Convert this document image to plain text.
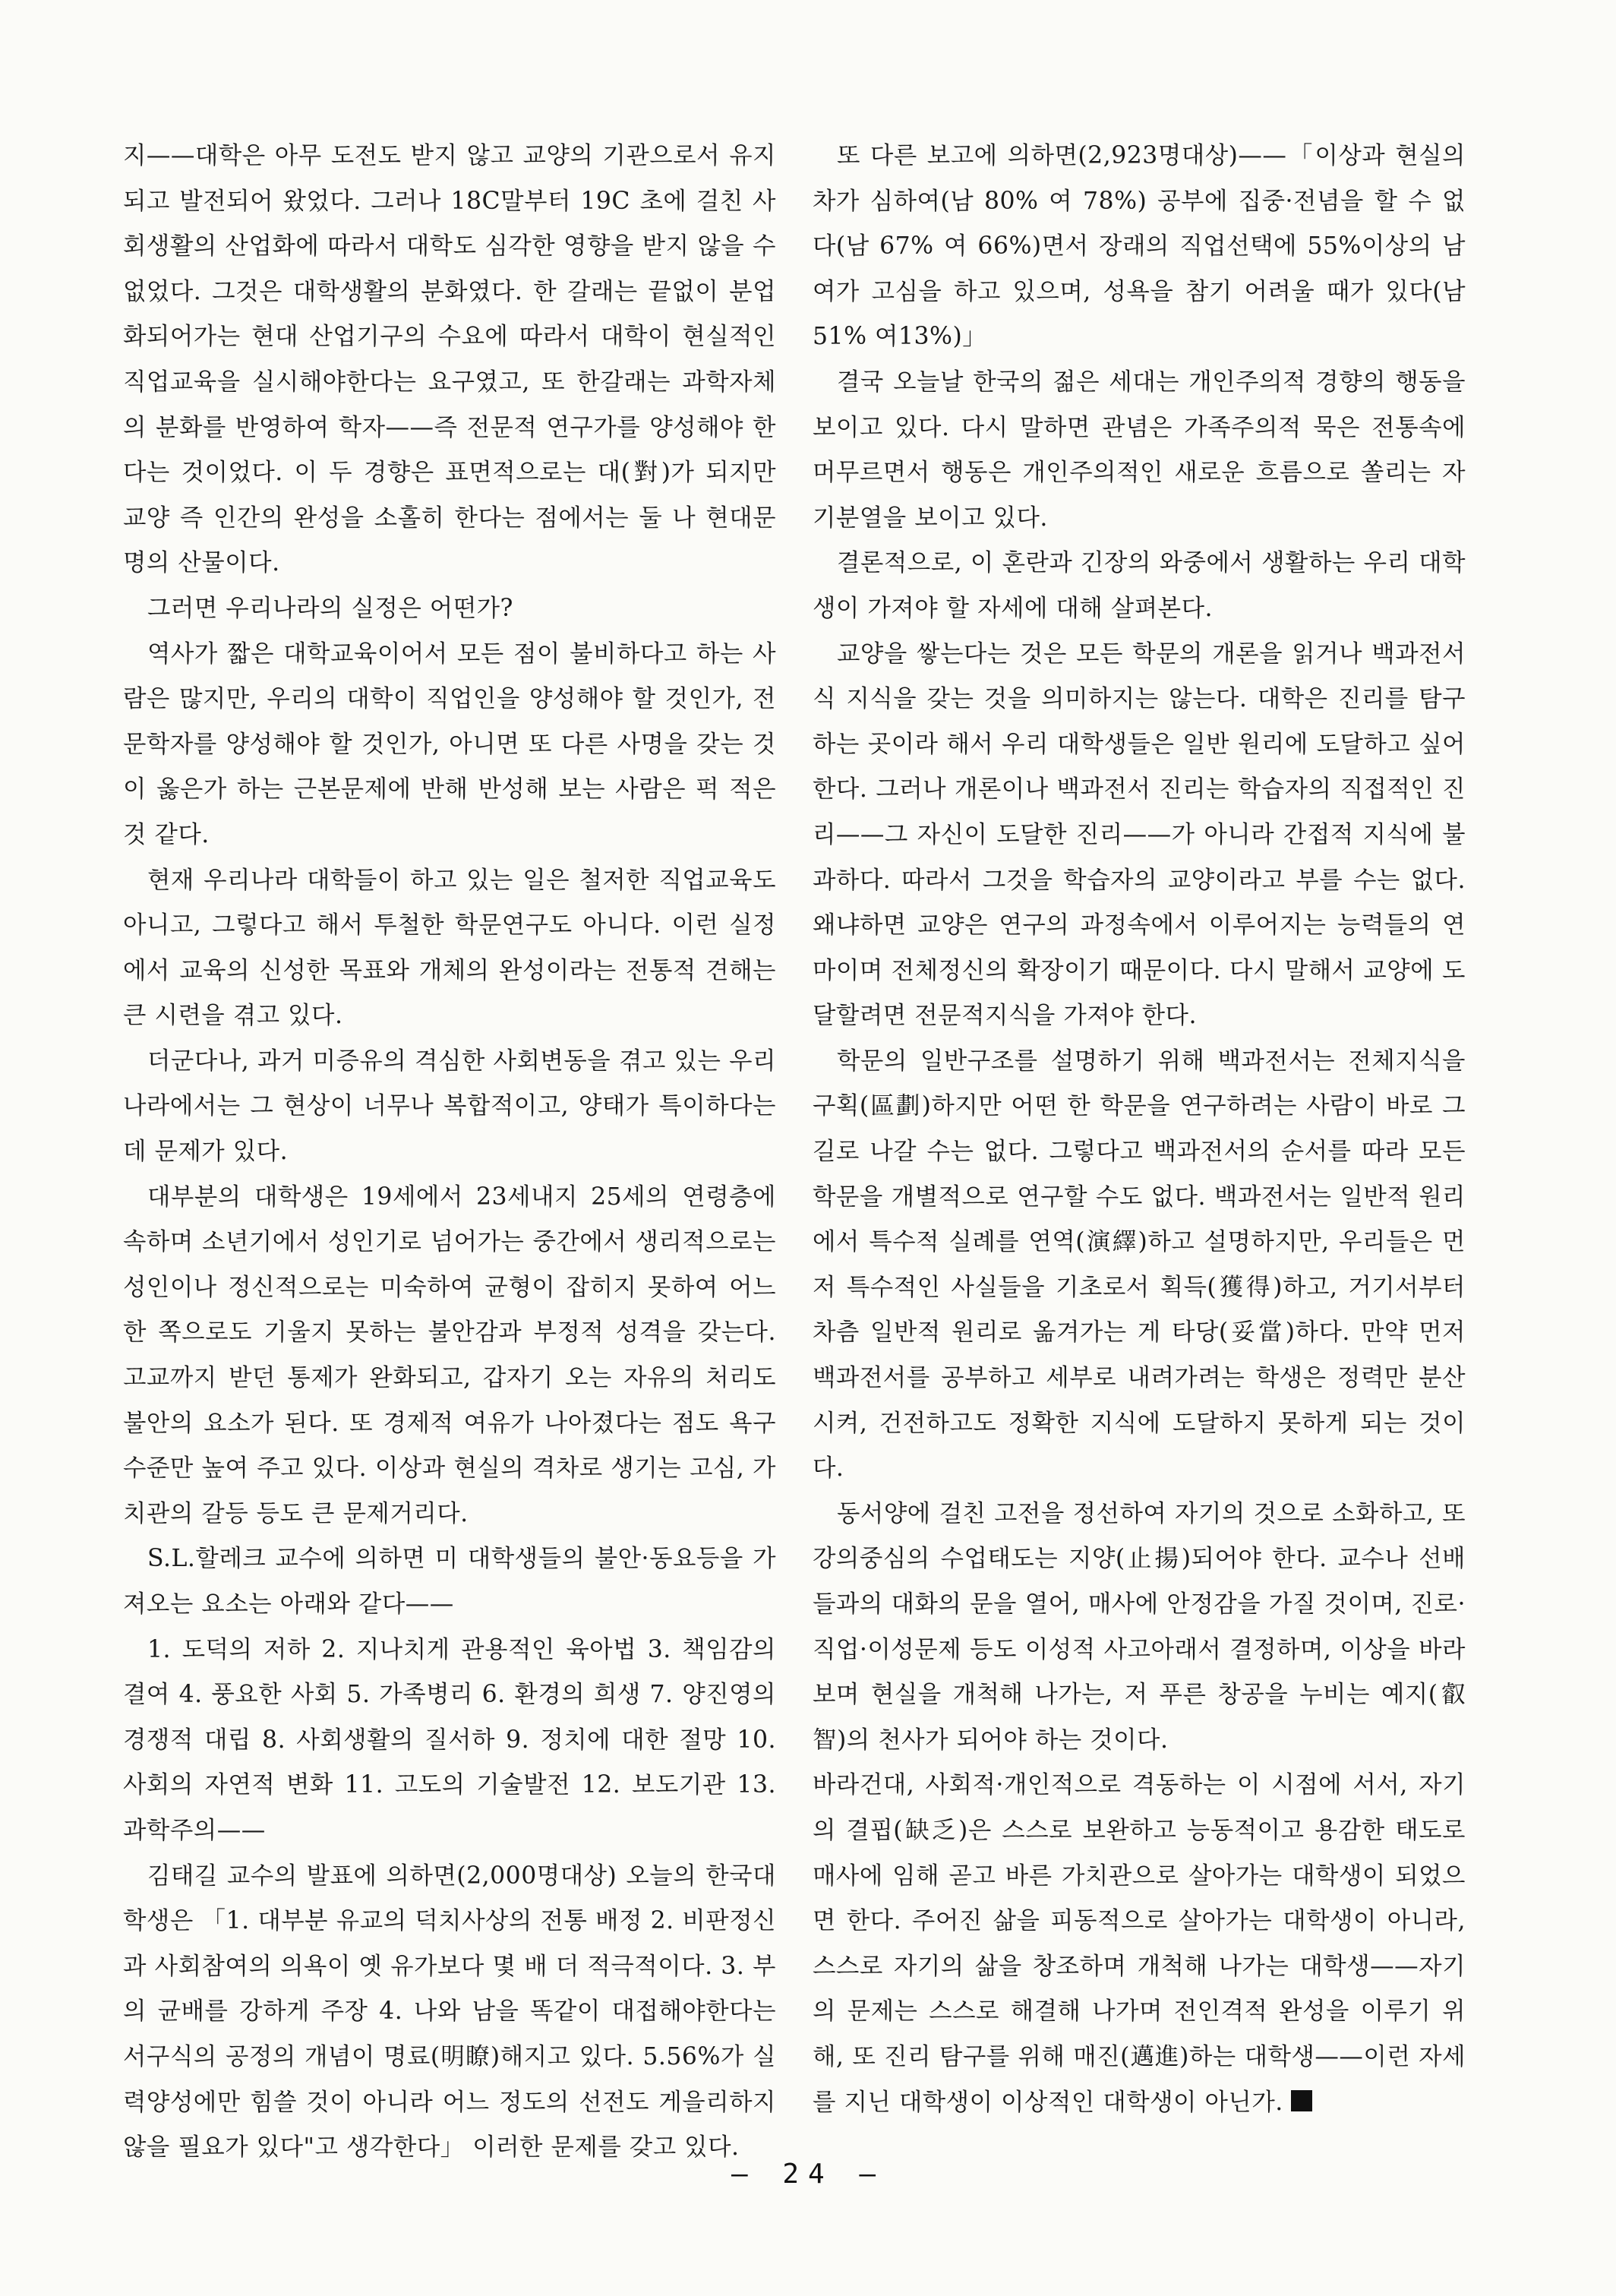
지——대학은 아무 도전도 받지 않고 교양의 기관으로서 유지되고 발전되어 왔었다. 그러나 18C말부터 19C 초에 걸친 사회생활의 산업화에 따라서 대학도 심각한 영향을 받지 않을 수 없었다. 그것은 대학생활의 분화였다. 한 갈래는 끝없이 분업화되어가는 현대 산업기구의 수요에 따라서 대학이 현실적인 직업교육을 실시해야한다는 요구였고, 또 한갈래는 과학자체의 분화를 반영하여 학자——즉 전문적 연구가를 양성해야 한다는 것이었다. 이 두 경향은 표면적으로는 대(對)가 되지만 교양 즉 인간의 완성을 소홀히 한다는 점에서는 둘 나 현대문명의 산물이다.

그러면 우리나라의 실정은 어떤가?

역사가 짧은 대학교육이어서 모든 점이 불비하다고 하는 사람은 많지만, 우리의 대학이 직업인을 양성해야 할 것인가, 전문학자를 양성해야 할 것인가, 아니면 또 다른 사명을 갖는 것이 옳은가 하는 근본문제에 반해 반성해 보는 사람은 퍽 적은 것 같다.

현재 우리나라 대학들이 하고 있는 일은 철저한 직업교육도 아니고, 그렇다고 해서 투철한 학문연구도 아니다. 이런 실정에서 교육의 신성한 목표와 개체의 완성이라는 전통적 견해는 큰 시련을 겪고 있다.

더군다나, 과거 미증유의 격심한 사회변동을 겪고 있는 우리나라에서는 그 현상이 너무나 복합적이고, 양태가 특이하다는 데 문제가 있다.

대부분의 대학생은 19세에서 23세내지 25세의 연령층에 속하며 소년기에서 성인기로 넘어가는 중간에서 생리적으로는 성인이나 정신적으로는 미숙하여 균형이 잡히지 못하여 어느 한 쪽으로도 기울지 못하는 불안감과 부정적 성격을 갖는다. 고교까지 받던 통제가 완화되고, 갑자기 오는 자유의 처리도 불안의 요소가 된다. 또 경제적 여유가 나아졌다는 점도 욕구수준만 높여 주고 있다. 이상과 현실의 격차로 생기는 고심, 가치관의 갈등 등도 큰 문제거리다.

S.L.할레크 교수에 의하면 미 대학생들의 불안·동요등을 가져오는 요소는 아래와 같다——

1. 도덕의 저하 2. 지나치게 관용적인 육아법 3. 책임감의 결여 4. 풍요한 사회 5. 가족병리 6. 환경의 희생 7. 양진영의 경쟁적 대립 8. 사회생활의 질서하 9. 정치에 대한 절망 10. 사회의 자연적 변화 11. 고도의 기술발전 12. 보도기관 13. 과학주의——

김태길 교수의 발표에 의하면(2,000명대상) 오늘의 한국대학생은 「1. 대부분 유교의 덕치사상의 전통 배정 2. 비판정신과 사회참여의 의욕이 옛 유가보다 몇 배 더 적극적이다. 3. 부의 균배를 강하게 주장 4. 나와 남을 똑같이 대접해야한다는 서구식의 공정의 개념이 명료(明瞭)해지고 있다. 5.56%가 실력양성에만 힘쓸 것이 아니라 어느 정도의 선전도 게을리하지 않을 필요가 있다"고 생각한다」 이러한 문제를 갖고 있다.

또 다른 보고에 의하면(2,923명대상)——「이상과 현실의 차가 심하여(남 80% 여 78%) 공부에 집중·전념을 할 수 없다(남 67% 여 66%)면서 장래의 직업선택에 55%이상의 남여가 고심을 하고 있으며, 성욕을 참기 어려울 때가 있다(남 51% 여13%)」

결국 오늘날 한국의 젊은 세대는 개인주의적 경향의 행동을 보이고 있다. 다시 말하면 관념은 가족주의적 묵은 전통속에 머무르면서 행동은 개인주의적인 새로운 흐름으로 쏠리는 자기분열을 보이고 있다.

결론적으로, 이 혼란과 긴장의 와중에서 생활하는 우리 대학생이 가져야 할 자세에 대해 살펴본다.

교양을 쌓는다는 것은 모든 학문의 개론을 읽거나 백과전서식 지식을 갖는 것을 의미하지는 않는다. 대학은 진리를 탐구하는 곳이라 해서 우리 대학생들은 일반 원리에 도달하고 싶어한다. 그러나 개론이나 백과전서 진리는 학습자의 직접적인 진리——그 자신이 도달한 진리——가 아니라 간접적 지식에 불과하다. 따라서 그것을 학습자의 교양이라고 부를 수는 없다. 왜냐하면 교양은 연구의 과정속에서 이루어지는 능력들의 연마이며 전체정신의 확장이기 때문이다. 다시 말해서 교양에 도달할려면 전문적지식을 가져야 한다.

학문의 일반구조를 설명하기 위해 백과전서는 전체지식을 구획(區劃)하지만 어떤 한 학문을 연구하려는 사람이 바로 그 길로 나갈 수는 없다. 그렇다고 백과전서의 순서를 따라 모든 학문을 개별적으로 연구할 수도 없다. 백과전서는 일반적 원리에서 특수적 실례를 연역(演繹)하고 설명하지만, 우리들은 먼저 특수적인 사실들을 기초로서 획득(獲得)하고, 거기서부터 차츰 일반적 원리로 옮겨가는 게 타당(妥當)하다. 만약 먼저 백과전서를 공부하고 세부로 내려가려는 학생은 정력만 분산시켜, 건전하고도 정확한 지식에 도달하지 못하게 되는 것이다.

동서양에 걸친 고전을 정선하여 자기의 것으로 소화하고, 또 강의중심의 수업태도는 지양(止揚)되어야 한다. 교수나 선배들과의 대화의 문을 열어, 매사에 안정감을 가질 것이며, 진로·직업·이성문제 등도 이성적 사고아래서 결정하며, 이상을 바라보며 현실을 개척해 나가는, 저 푸른 창공을 누비는 예지(叡智)의 천사가 되어야 하는 것이다.

바라건대, 사회적·개인적으로 격동하는 이 시점에 서서, 자기의 결핍(缺乏)은 스스로 보완하고 능동적이고 용감한 태도로 매사에 임해 곧고 바른 가치관으로 살아가는 대학생이 되었으면 한다. 주어진 삶을 피동적으로 살아가는 대학생이 아니라, 스스로 자기의 삶을 창조하며 개척해 나가는 대학생——자기의 문제는 스스로 해결해 나가며 전인격적 완성을 이루기 위해, 또 진리 탐구를 위해 매진(邁進)하는 대학생——이런 자세를 지닌 대학생이 이상적인 대학생이 아닌가.

— 24 —
